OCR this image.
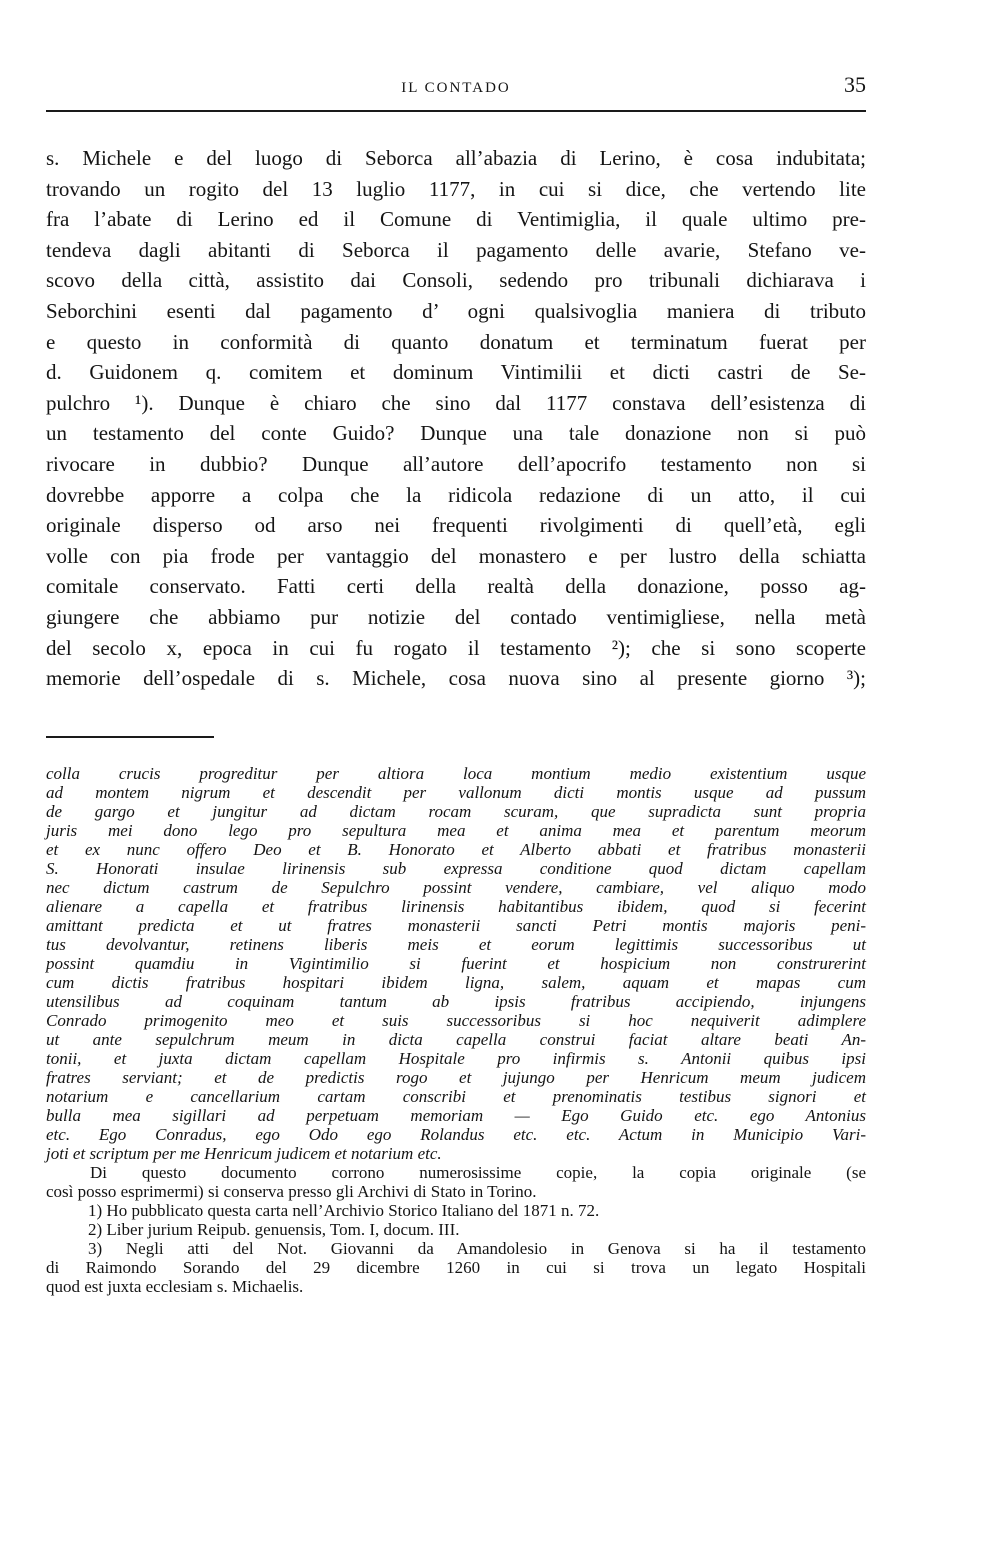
IL CONTADO	35
s. Michele e del luogo di Seborca all’abazia di Lerino, è cosa indubitata;
trovando un rogito del 13 luglio 1177, in cui si dice, che vertendo lite
fra l’abate di Lerino ed il Comune di Ventimiglia, il quale ultimo pre-
tendeva dagli abitanti di Seborca il pagamento delle avarie, Stefano ve-
scovo della città, assistito dai Consoli, sedendo pro tribunali dichiarava i
Seborchini esenti dal pagamento d’ ogni qualsivoglia maniera di tributo
e questo in conformità di quanto donatum et terminatum fuerat per
d. Guidonem q. comitem et dominum Vintimilii et dicti castri de Se-
pulchro ¹). Dunque è chiaro che sino dal 1177 constava dell’esistenza di
un testamento del conte Guido? Dunque una tale donazione non si può
rivocare in dubbio? Dunque all’autore dell’apocrifo testamento non si
dovrebbe apporre a colpa che la ridicola redazione di un atto, il cui
originale disperso od arso nei frequenti rivolgimenti di quell’età, egli
volle con pia frode per vantaggio del monastero e per lustro della schiatta
comitale conservato. Fatti certi della realtà della donazione, posso ag-
giungere che abbiamo pur notizie del contado ventimigliese, nella metà
del secolo x, epoca in cui fu rogato il testamento ²); che si sono scoperte
memorie dell’ospedale di s. Michele, cosa nuova sino al presente giorno ³);
colla crucis progreditur per altiora loca montium medio existentium usque
ad montem nigrum et descendit per vallonum dicti montis usque ad pussum
de gargo et jungitur ad dictam rocam scuram, que supradicta sunt propria
juris mei dono lego pro sepultura mea et anima mea et parentum meorum
et ex nunc offero Deo et B. Honorato et Alberto abbati et fratribus monasterii
S. Honorati insulae lirinensis sub expressa conditione quod dictam capellam
nec dictum castrum de Sepulchro possint vendere, cambiare, vel aliquo modo
alienare a capella et fratribus lirinensis habitantibus ibidem, quod si fecerint
amittant predicta et ut fratres monasterii sancti Petri montis majoris peni-
tus devolvantur, retinens liberis meis et eorum legittimis successoribus ut
possint quamdiu in Vigintimilio si fuerint et hospicium non construrerint
cum dictis fratribus hospitari ibidem ligna, salem, aquam et mapas cum
utensilibus ad coquinam tantum ab ipsis fratribus accipiendo, injungens
Conrado primogenito meo et suis successoribus si hoc nequiverit adimplere
ut ante sepulchrum meum in dicta capella construi faciat altare beati An-
tonii, et juxta dictam capellam Hospitale pro infirmis s. Antonii quibus ipsi
fratres serviant; et de predictis rogo et jujungo per Henricum meum judicem
notarium e cancellarium cartam conscribi et prenominatis testibus signori et
bulla mea sigillari ad perpetuam memoriam — Ego Guido etc. ego Antonius
etc. Ego Conradus, ego Odo ego Rolandus etc. etc. Actum in Municipio Vari-
joti et scriptum per me Henricum judicem et notarium etc.
Di questo documento corrono numerosissime copie, la copia originale (se
così posso esprimermi) si conserva presso gli Archivi di Stato in Torino.
1) Ho pubblicato questa carta nell’Archivio Storico Italiano del 1871 n. 72.
2) Liber jurium Reipub. genuensis, Tom. I, docum. III.
3) Negli atti del Not. Giovanni da Amandolesio in Genova si ha il testamento
di Raimondo Sorando del 29 dicembre 1260 in cui si trova un legato Hospitali
quod est juxta ecclesiam s. Michaelis.
